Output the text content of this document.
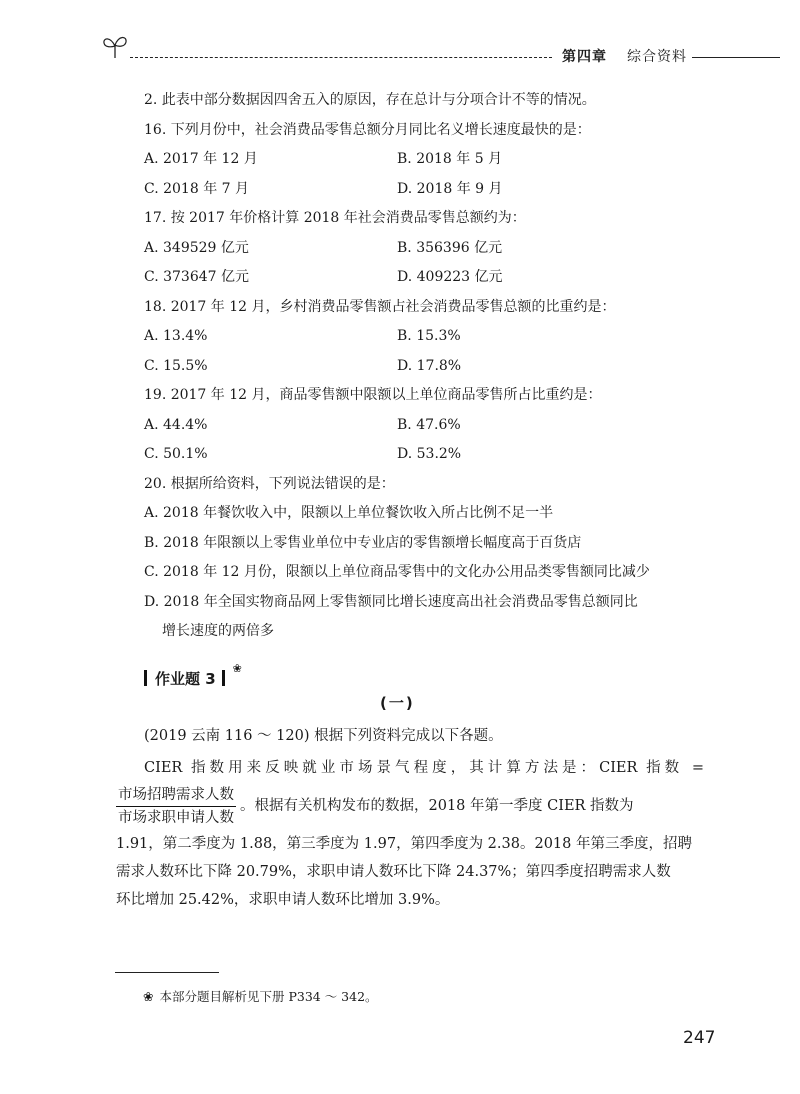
第四章 综合资料
2. 此表中部分数据因四舍五入的原因，存在总计与分项合计不等的情况。
16. 下列月份中，社会消费品零售总额分月同比名义增长速度最快的是：
A. 2017 年 12 月	B. 2018 年 5 月
C. 2018 年 7 月	D. 2018 年 9 月
17. 按 2017 年价格计算 2018 年社会消费品零售总额约为：
A. 349529 亿元	B. 356396 亿元
C. 373647 亿元	D. 409223 亿元
18. 2017 年 12 月，乡村消费品零售额占社会消费品零售总额的比重约是：
A. 13.4%	B. 15.3%
C. 15.5%	D. 17.8%
19. 2017 年 12 月，商品零售额中限额以上单位商品零售所占比重约是：
A. 44.4%	B. 47.6%
C. 50.1%	D. 53.2%
20. 根据所给资料，下列说法错误的是：
A. 2018 年餐饮收入中，限额以上单位餐饮收入所占比例不足一半
B. 2018 年限额以上零售业单位中专业店的零售额增长幅度高于百货店
C. 2018 年 12 月份，限额以上单位商品零售中的文化办公用品类零售额同比减少
D. 2018 年全国实物商品网上零售额同比增长速度高出社会消费品零售总额同比
增长速度的两倍多
作业题 3
❀
(一)
(2019 云南 116 ～ 120) 根据下列资料完成以下各题。
CIER 指数用来反映就业市场景气程度，其计算方法是：CIER 指数 =
$\frac{\text{市场招聘需求人数}}{\text{市场求职申请人数}}$ 。根据有关机构发布的数据，2018 年第一季度 CIER 指数为
1.91，第二季度为 1.88，第三季度为 1.97，第四季度为 2.38。2018 年第三季度，招聘
需求人数环比下降 20.79%，求职申请人数环比下降 24.37%；第四季度招聘需求人数
环比增加 25.42%，求职申请人数环比增加 3.9%。
❀ 本部分题目解析见下册 P334 ～ 342。
247
